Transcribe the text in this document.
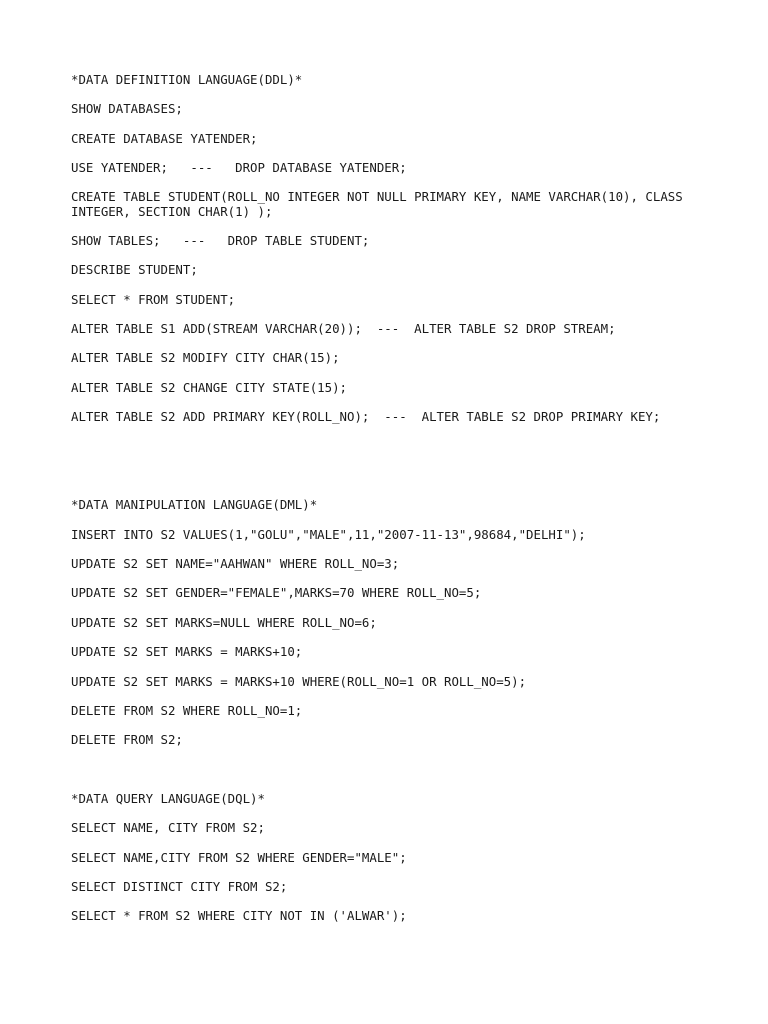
*DATA DEFINITION LANGUAGE(DDL)*

SHOW DATABASES;

CREATE DATABASE YATENDER;

USE YATENDER;   ---   DROP DATABASE YATENDER;

CREATE TABLE STUDENT(ROLL_NO INTEGER NOT NULL PRIMARY KEY, NAME VARCHAR(10), CLASS INTEGER, SECTION CHAR(1) );

SHOW TABLES;   ---   DROP TABLE STUDENT;

DESCRIBE STUDENT;

SELECT * FROM STUDENT;

ALTER TABLE S1 ADD(STREAM VARCHAR(20));  ---  ALTER TABLE S2 DROP STREAM;

ALTER TABLE S2 MODIFY CITY CHAR(15);

ALTER TABLE S2 CHANGE CITY STATE(15);

ALTER TABLE S2 ADD PRIMARY KEY(ROLL_NO);  ---  ALTER TABLE S2 DROP PRIMARY KEY;

*DATA MANIPULATION LANGUAGE(DML)*

INSERT INTO S2 VALUES(1,"GOLU","MALE",11,"2007-11-13",98684,"DELHI");

UPDATE S2 SET NAME="AAHWAN" WHERE ROLL_NO=3;

UPDATE S2 SET GENDER="FEMALE",MARKS=70 WHERE ROLL_NO=5;

UPDATE S2 SET MARKS=NULL WHERE ROLL_NO=6;

UPDATE S2 SET MARKS = MARKS+10;

UPDATE S2 SET MARKS = MARKS+10 WHERE(ROLL_NO=1 OR ROLL_NO=5);

DELETE FROM S2 WHERE ROLL_NO=1;

DELETE FROM S2;

*DATA QUERY LANGUAGE(DQL)*

SELECT NAME, CITY FROM S2;

SELECT NAME,CITY FROM S2 WHERE GENDER="MALE";

SELECT DISTINCT CITY FROM S2;

SELECT * FROM S2 WHERE CITY NOT IN ('ALWAR');
